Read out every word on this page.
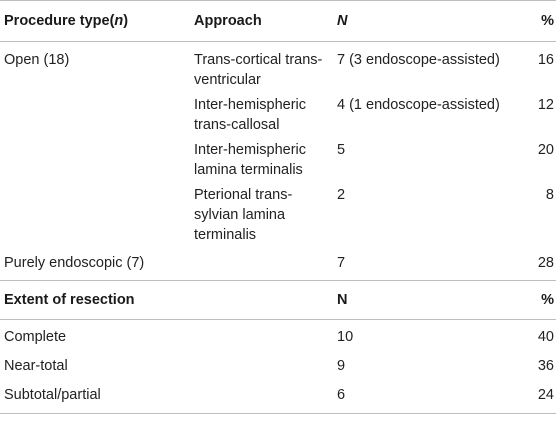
Procedure type(n)	Approach	N	%
Open (18)	Trans-cortical trans-ventricular	7 (3 endoscope-assisted)	16
	Inter-hemispheric trans-callosal	4 (1 endoscope-assisted)	12
	Inter-hemispheric lamina terminalis	5	20
	Pterional trans-sylvian lamina terminalis	2	8
Purely endoscopic (7)		7	28
Extent of resection		N	%
Complete		10	40
Near-total		9	36
Subtotal/partial		6	24
